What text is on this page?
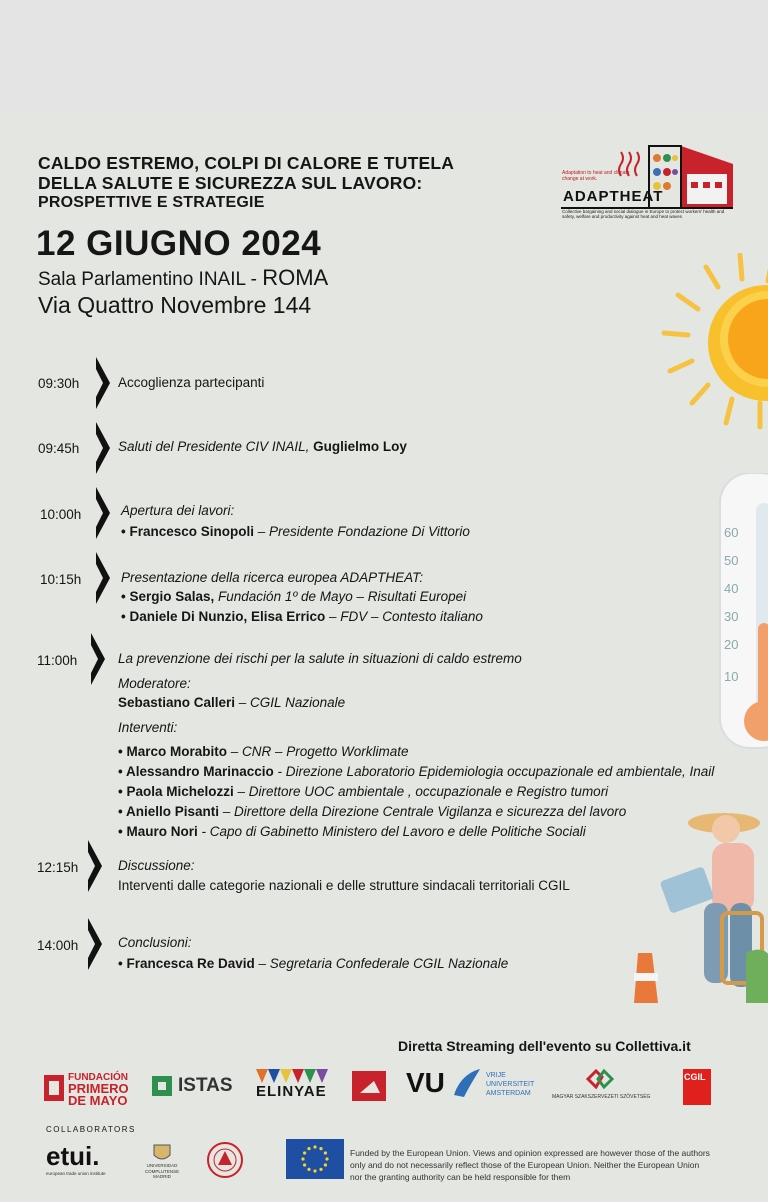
CALDO ESTREMO, COLPI DI CALORE E TUTELA
DELLA SALUTE E SICUREZZA SUL LAVORO:
PROSPETTIVE E STRATEGIE
12 GIUGNO 2024
Sala Parlamentino INAIL - ROMA
Via Quattro Novembre 144
Adaptation to heat and climate change at work.
ADAPTHEAT
Collective bargaining and social dialogue in Europe to protect workers' health and safety, welfare and productivity against heat and heat waves
60
50
40
30
20
10
09:30h	Accoglienza partecipanti
09:45h	Saluti del Presidente CIV INAIL, Guglielmo Loy
10:00h	Apertura dei lavori:
• Francesco Sinopoli – Presidente Fondazione Di Vittorio
10:15h	Presentazione della ricerca europea ADAPTHEAT:
• Sergio Salas, Fundación 1º de Mayo – Risultati Europei
• Daniele Di Nunzio, Elisa Errico – FDV – Contesto italiano
11:00h	La prevenzione dei rischi per la salute in situazioni di caldo estremo
Moderatore:
Sebastiano Calleri – CGIL Nazionale
Interventi:
• Marco Morabito – CNR – Progetto Worklimate
• Alessandro Marinaccio - Direzione Laboratorio Epidemiologia occupazionale ed ambientale, Inail
• Paola Michelozzi – Direttore UOC ambientale , occupazionale e Registro tumori
• Aniello Pisanti – Direttore della Direzione Centrale Vigilanza e sicurezza del lavoro
• Mauro Nori - Capo di Gabinetto Ministero del Lavoro e delle Politiche Sociali
12:15h	Discussione:
Interventi dalle categorie nazionali e delle strutture sindacali territoriali CGIL
14:00h	Conclusioni:
• Francesca Re David – Segretaria Confederale CGIL Nazionale
Diretta Streaming dell'evento su Collettiva.it
FUNDACIÓN
PRIMERO
DE MAYO
ISTAS ELINYAE	VU	VRIJE
UNIVERSITEIT
AMSTERDAM	MAGYAR SZAKSZERVEZETI SZÖVETSÉG
CGIL
COLLABORATORS
etui.
european trade union institute
UNIVERSIDAD
COMPLUTENSE
MADRID
Funded by the European Union. Views and opinion expressed are however those of the authors only and do not necessarily reflect those of the European Union. Neither the European Union nor the granting authority can be held responsible for them
